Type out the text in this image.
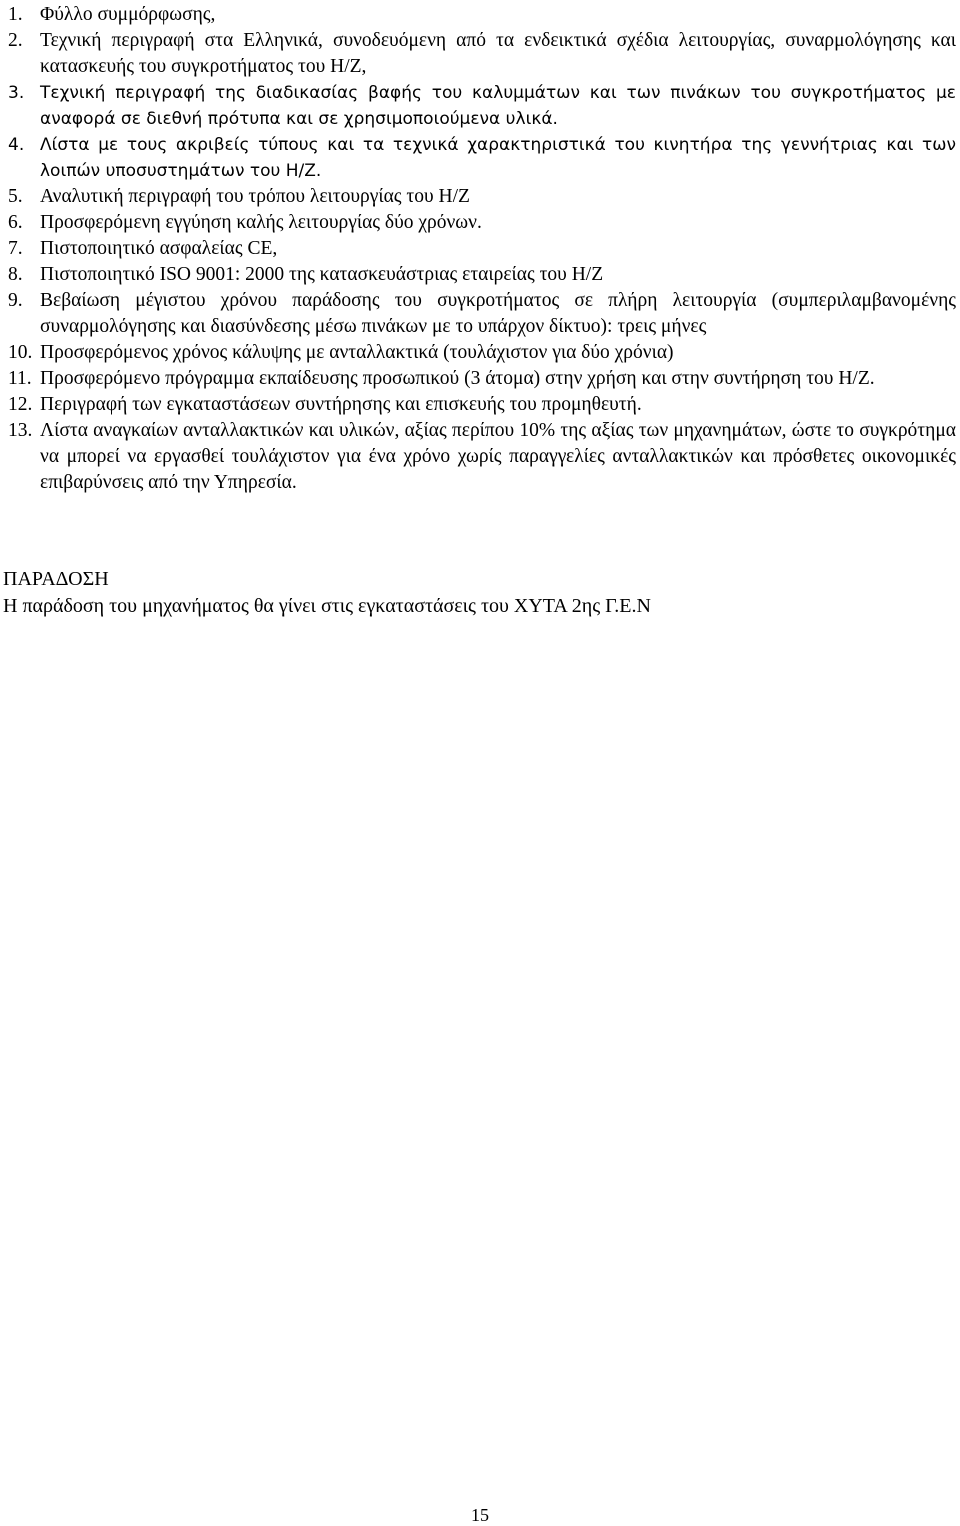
1. Φύλλο συμμόρφωσης,
2. Τεχνική περιγραφή στα Ελληνικά, συνοδευόμενη από τα ενδεικτικά σχέδια λειτουργίας, συναρμολόγησης και κατασκευής του συγκροτήματος του Η/Ζ,
3. Τεχνική περιγραφή της διαδικασίας βαφής του καλυμμάτων και των πινάκων του συγκροτήματος με αναφορά σε διεθνή πρότυπα και σε χρησιμοποιούμενα υλικά.
4. Λίστα με τους ακριβείς τύπους και τα τεχνικά χαρακτηριστικά του κινητήρα της γεννήτριας και των λοιπών υποσυστημάτων του Η/Ζ.
5. Αναλυτική περιγραφή του τρόπου λειτουργίας του Η/Ζ
6. Προσφερόμενη εγγύηση καλής λειτουργίας δύο χρόνων.
7. Πιστοποιητικό ασφαλείας CE,
8. Πιστοποιητικό ISO 9001: 2000 της κατασκευάστριας εταιρείας του Η/Ζ
9. Βεβαίωση μέγιστου χρόνου παράδοσης του συγκροτήματος σε πλήρη λειτουργία (συμπεριλαμβανομένης συναρμολόγησης και διασύνδεσης μέσω πινάκων με το υπάρχον δίκτυο): τρεις μήνες
10. Προσφερόμενος χρόνος κάλυψης με ανταλλακτικά (τουλάχιστον για δύο χρόνια)
11. Προσφερόμενο πρόγραμμα εκπαίδευσης προσωπικού (3 άτομα) στην χρήση και στην συντήρηση του Η/Ζ.
12. Περιγραφή των εγκαταστάσεων συντήρησης και επισκευής του προμηθευτή.
13. Λίστα αναγκαίων ανταλλακτικών και υλικών, αξίας περίπου 10% της αξίας των μηχανημάτων, ώστε το συγκρότημα να μπορεί να εργασθεί τουλάχιστον για ένα χρόνο χωρίς παραγγελίες ανταλλακτικών και πρόσθετες οικονομικές επιβαρύνσεις από την Υπηρεσία.

ΠΑΡΑΔΟΣΗ

Η παράδοση του μηχανήματος θα γίνει στις εγκαταστάσεις του ΧΥΤΑ 2ης Γ.Ε.Ν

15
